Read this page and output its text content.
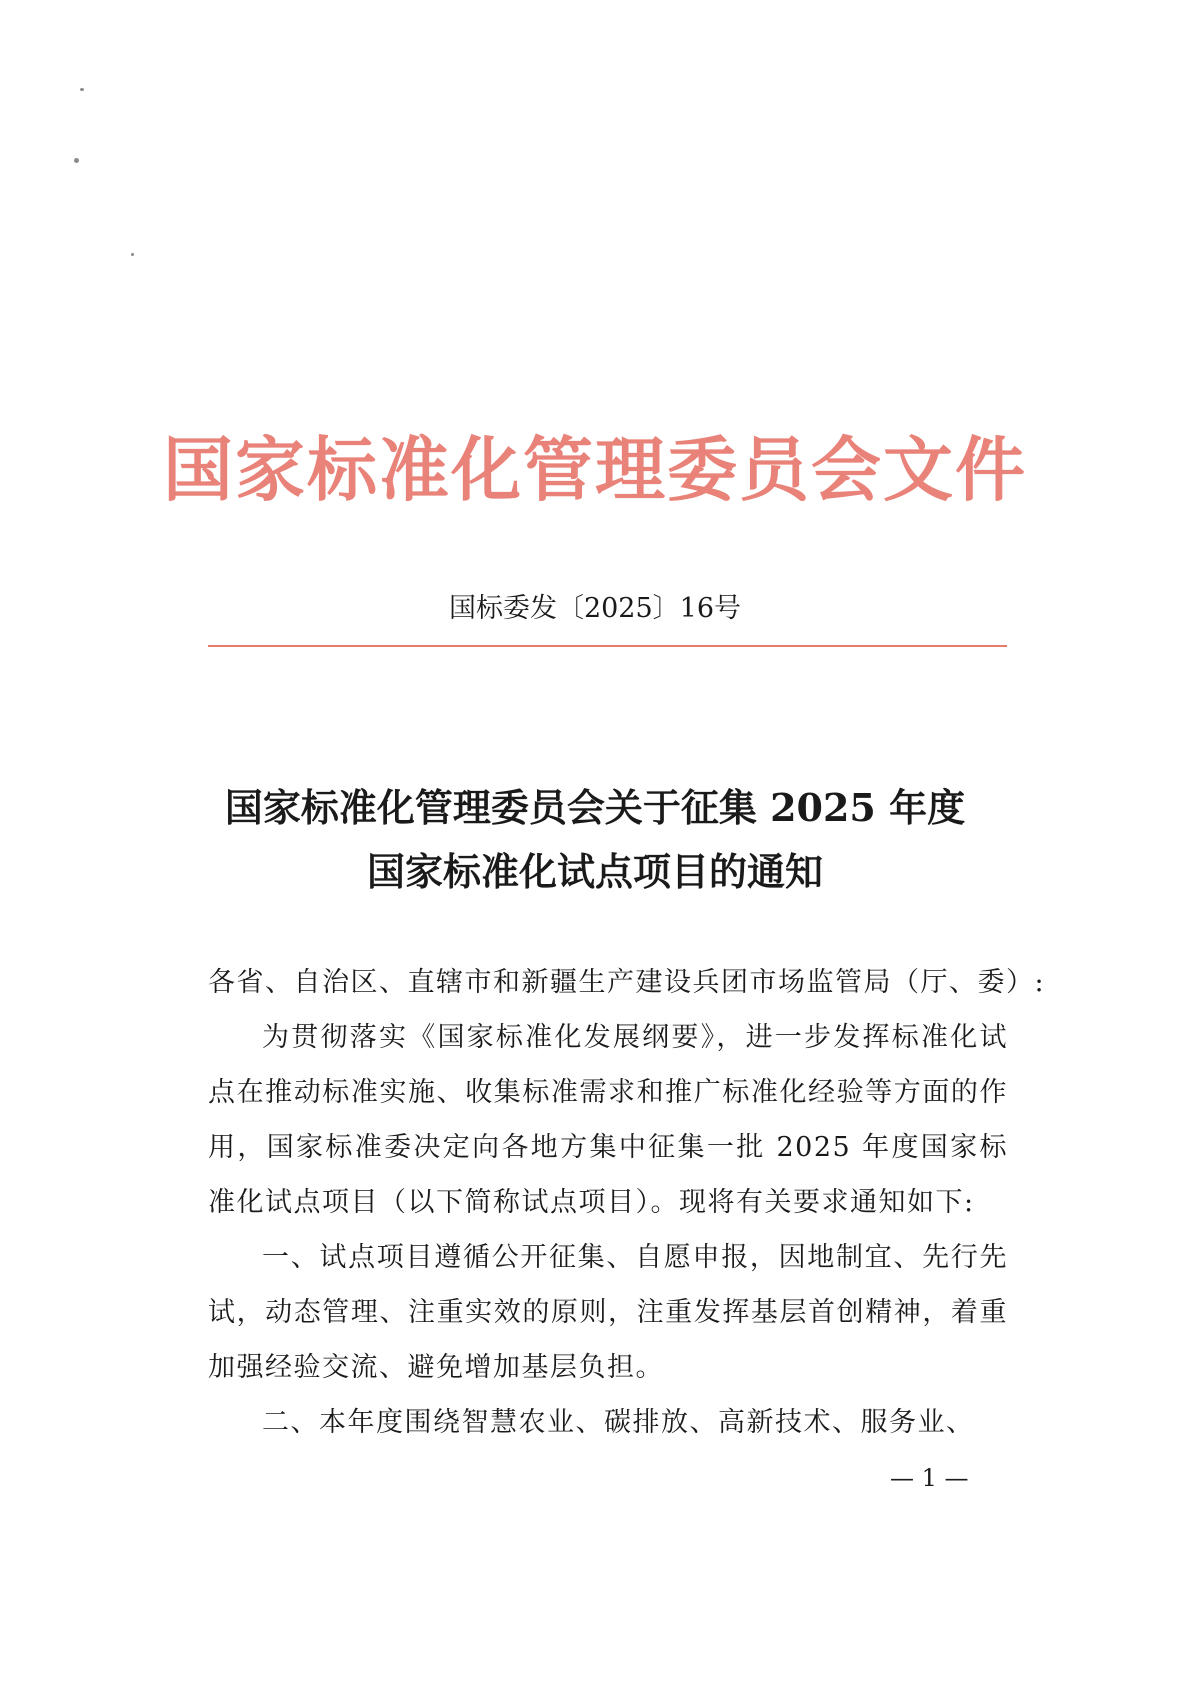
国家标准化管理委员会文件
国标委发〔2025〕16号
国家标准化管理委员会关于征集 2025 年度
国家标准化试点项目的通知
各省、自治区、直辖市和新疆生产建设兵团市场监管局（厅、委）:

为贯彻落实《国家标准化发展纲要》，进一步发挥标准化试点在推动标准实施、收集标准需求和推广标准化经验等方面的作用，国家标准委决定向各地方集中征集一批 2025 年度国家标准化试点项目（以下简称试点项目）。现将有关要求通知如下:

一、试点项目遵循公开征集、自愿申报，因地制宜、先行先试，动态管理、注重实效的原则，注重发挥基层首创精神，着重加强经验交流、避免增加基层负担。

二、本年度围绕智慧农业、碳排放、高新技术、服务业、

— 1 —
